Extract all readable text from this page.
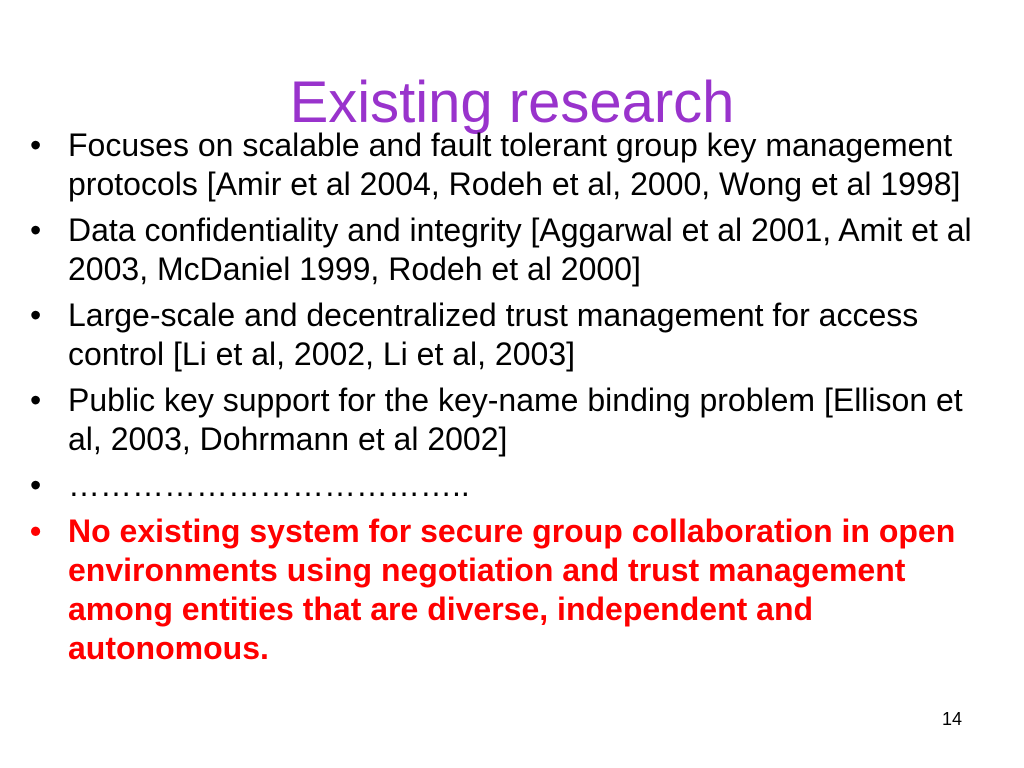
Existing research
• Focuses on scalable and fault tolerant group key management protocols [Amir et al 2004, Rodeh et al, 2000, Wong et al 1998]
• Data confidentiality and integrity [Aggarwal et al 2001, Amit et al 2003, McDaniel 1999, Rodeh et al 2000]
• Large-scale and decentralized trust management for access control [Li et al, 2002, Li et al, 2003]
• Public key support for the key-name binding problem [Ellison et al, 2003, Dohrmann et al 2002]
• ………………………………..
• No existing system for secure group collaboration in open environments using negotiation and trust management among entities that are diverse, independent and autonomous.
14
